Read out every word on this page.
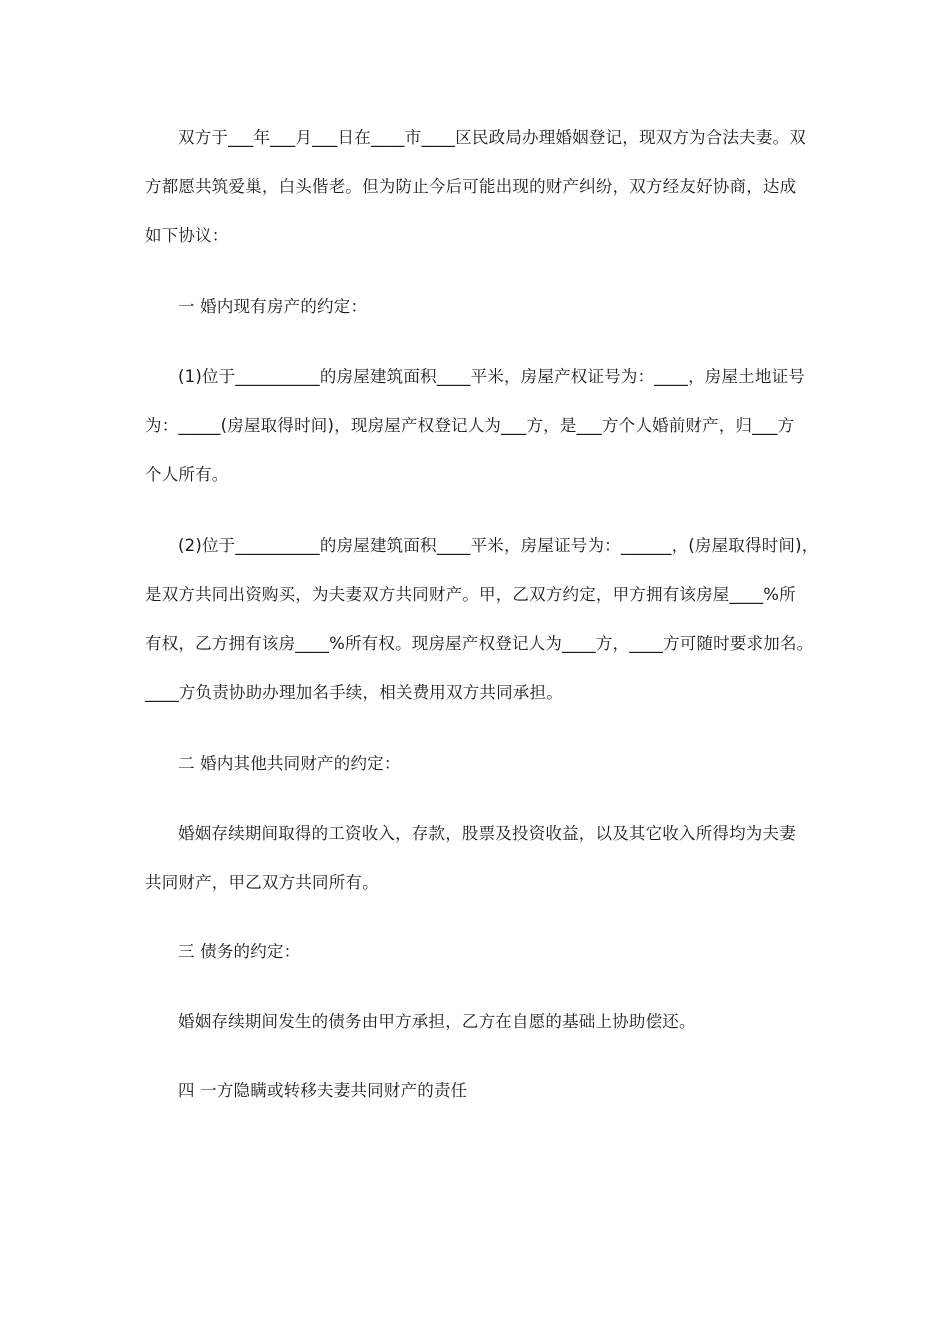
双方于___年___月___日在____市____区民政局办理婚姻登记，现双方为合法夫妻。双
方都愿共筑爱巢，白头偕老。但为防止今后可能出现的财产纠纷，双方经友好协商，达成
如下协议：
一 婚内现有房产的约定：
(1)位于__________的房屋建筑面积____平米，房屋产权证号为：____，房屋土地证号
为：_____(房屋取得时间)，现房屋产权登记人为___方，是___方个人婚前财产，归___方
个人所有。
(2)位于__________的房屋建筑面积____平米，房屋证号为：______，(房屋取得时间)，
是双方共同出资购买，为夫妻双方共同财产。甲，乙双方约定，甲方拥有该房屋____%所
有权，乙方拥有该房____%所有权。现房屋产权登记人为____方，____方可随时要求加名。
____方负责协助办理加名手续，相关费用双方共同承担。
二 婚内其他共同财产的约定：
婚姻存续期间取得的工资收入，存款，股票及投资收益，以及其它收入所得均为夫妻
共同财产，甲乙双方共同所有。
三 债务的约定：
婚姻存续期间发生的债务由甲方承担，乙方在自愿的基础上协助偿还。
四 一方隐瞒或转移夫妻共同财产的责任
